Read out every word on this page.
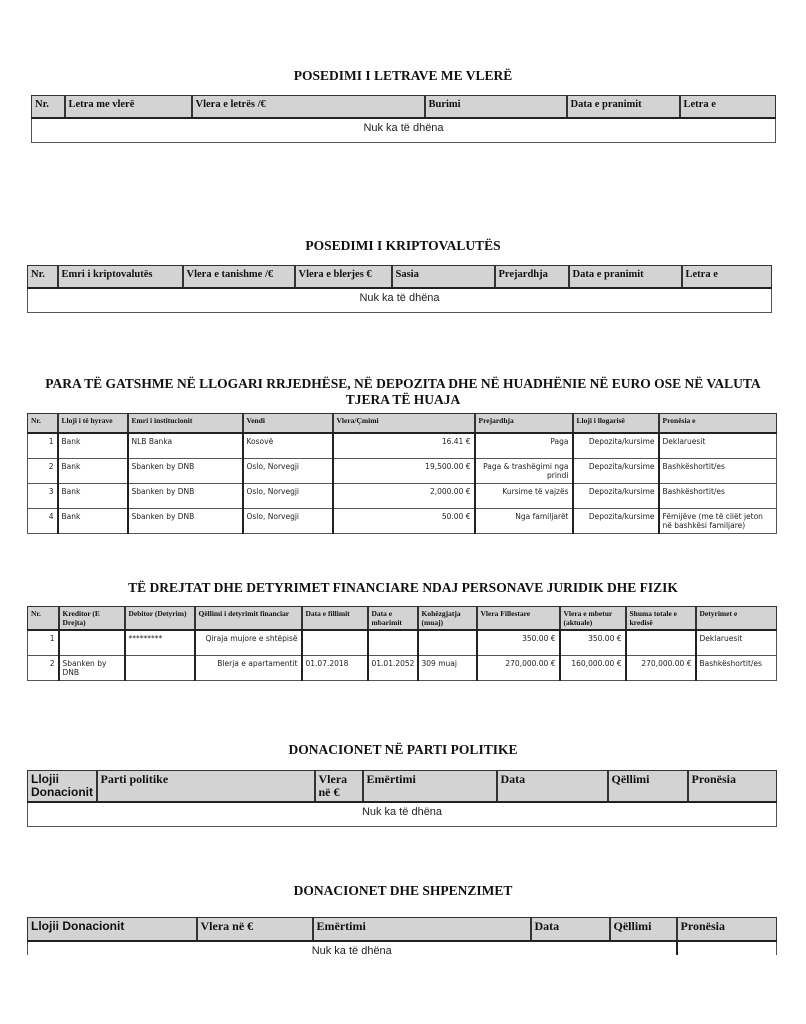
POSEDIMI I LETRAVE ME VLERË
Nr.	Letra me vlerë	Vlera e letrës /€	Burimi	Data e pranimit	Letra e
Nuk ka të dhëna
POSEDIMI I KRIPTOVALUTËS
Nr.	Emri i kriptovalutës	Vlera e tanishme /€	Vlera e blerjes €	Sasia	Prejardhja	Data e pranimit	Letra e
Nuk ka të dhëna
PARA TË GATSHME NË LLOGARI RRJEDHËSE, NË DEPOZITA DHE NË HUADHËNIE NË EURO OSE NË VALUTA TJERA TË HUAJA
Nr.	Lloji i të hyrave	Emri i institucionit	Vendi	Vlera/Çmimi	Prejardhja	Lloji i llogarisë	Pronësia e
1	Bank	NLB Banka	Kosovë	16.41 €	Paga	Depozita/kursime	Deklaruesit
2	Bank	Sbanken by DNB	Oslo, Norvegji	19,500.00 €	Paga & trashëgimi nga prindi	Depozita/kursime	Bashkëshortit/es
3	Bank	Sbanken by DNB	Oslo, Norvegji	2,000.00 €	Kursime të vajzës	Depozita/kursime	Bashkëshortit/es
4	Bank	Sbanken by DNB	Oslo, Norvegji	50.00 €	Nga familjarët	Depozita/kursime	Fëmijëve (me të cilët jeton në bashkësi familjare)
TË DREJTAT DHE DETYRIMET FINANCIARE NDAJ PERSONAVE JURIDIK DHE FIZIK
Nr.	Kreditor (E Drejta)	Debitor (Detyrim)	Qëllimi i detyrimit financiar	Data e fillimit	Data e mbarimit	Kohëzgjatja (muaj)	Vlera Fillestare	Vlera e mbetur (aktuale)	Shuma totale e kredisë	Detyrimet e
1		*********	Qiraja mujore e shtëpisë				350.00 €	350.00 €		Deklaruesit
2	Sbanken by DNB		Blerja e apartamentit	01.07.2018	01.01.2052	309 muaj	270,000.00 €	160,000.00 €	270,000.00 €	Bashkëshortit/es
DONACIONET NË PARTI POLITIKE
Llojii Donacionit	Parti politike	Vlera në €	Emërtimi	Data	Qëllimi	Pronësia
Nuk ka të dhëna
DONACIONET DHE SHPENZIMET
Llojii Donacionit	Vlera në €	Emërtimi	Data	Qëllimi	Pronësia
Nuk ka të dhëna					
